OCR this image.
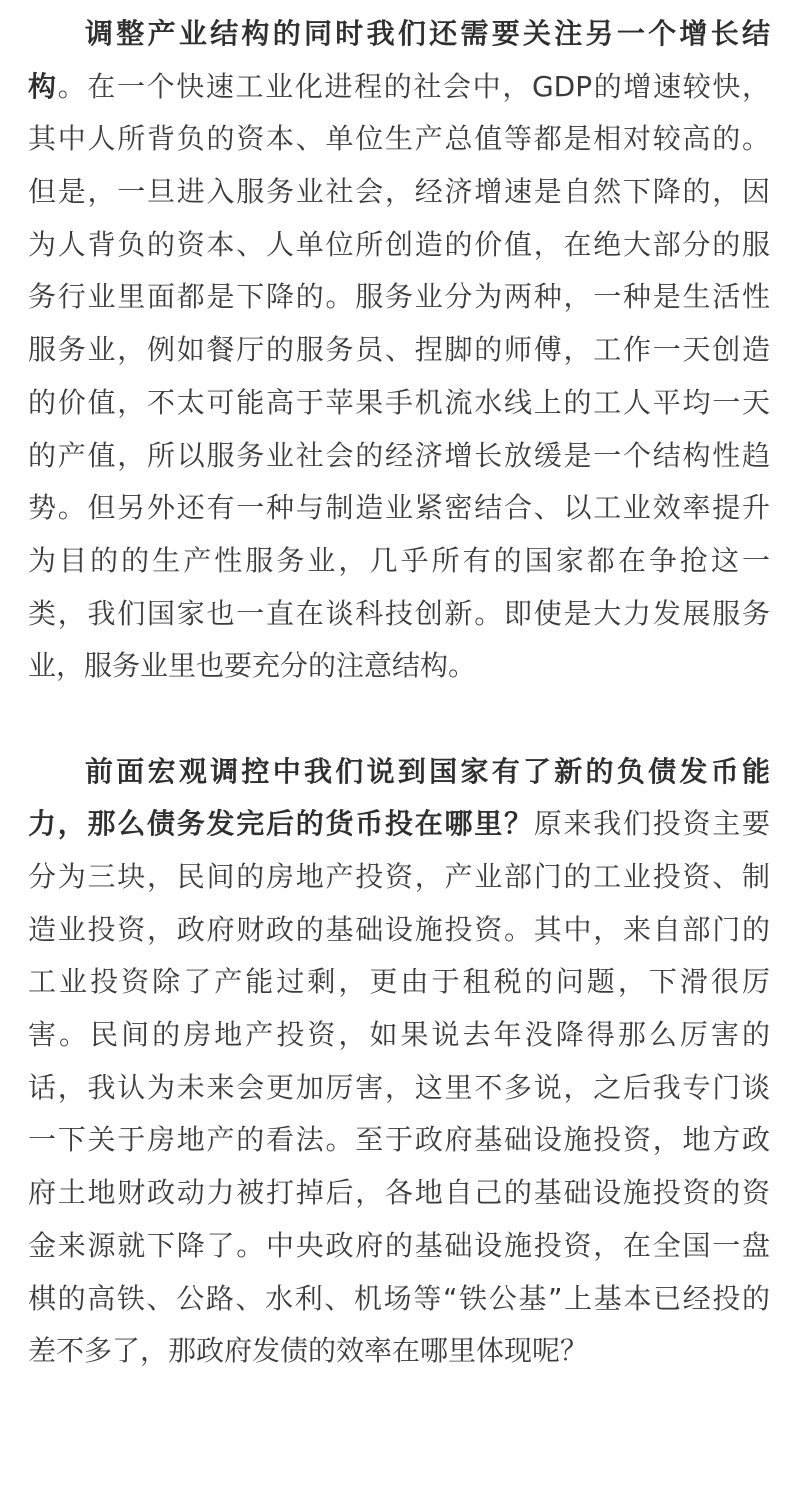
调整产业结构的同时我们还需要关注另一个增长结
构。在一个快速工业化进程的社会中，GDP的增速较快，
其中人所背负的资本、单位生产总值等都是相对较高的。
但是，一旦进入服务业社会，经济增速是自然下降的，因
为人背负的资本、人单位所创造的价值，在绝大部分的服
务行业里面都是下降的。服务业分为两种，一种是生活性
服务业，例如餐厅的服务员、捏脚的师傅，工作一天创造
的价值，不太可能高于苹果手机流水线上的工人平均一天
的产值，所以服务业社会的经济增长放缓是一个结构性趋
势。但另外还有一种与制造业紧密结合、以工业效率提升
为目的的生产性服务业，几乎所有的国家都在争抢这一
类，我们国家也一直在谈科技创新。即使是大力发展服务
业，服务业里也要充分的注意结构。
前面宏观调控中我们说到国家有了新的负债发币能
力，那么债务发完后的货币投在哪里？原来我们投资主要
分为三块，民间的房地产投资，产业部门的工业投资、制
造业投资，政府财政的基础设施投资。其中，来自部门的
工业投资除了产能过剩，更由于租税的问题，下滑很厉
害。民间的房地产投资，如果说去年没降得那么厉害的
话，我认为未来会更加厉害，这里不多说，之后我专门谈
一下关于房地产的看法。至于政府基础设施投资，地方政
府土地财政动力被打掉后，各地自己的基础设施投资的资
金来源就下降了。中央政府的基础设施投资，在全国一盘
棋的高铁、公路、水利、机场等“铁公基”上基本已经投的
差不多了，那政府发债的效率在哪里体现呢？
